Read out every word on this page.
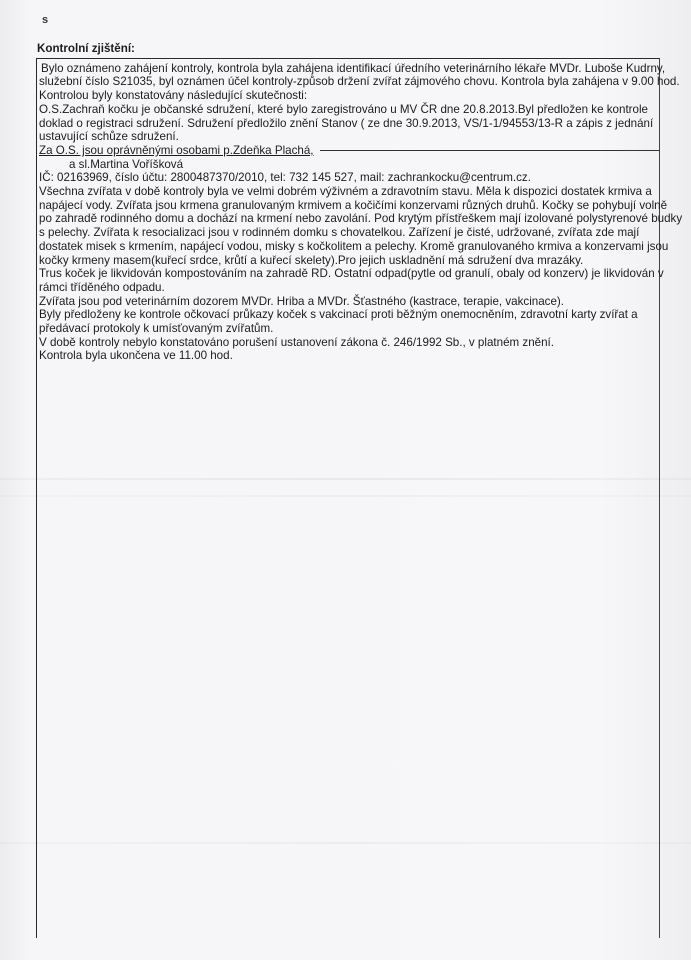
s
Kontrolní zjištění:
Bylo oznámeno zahájení kontroly, kontrola byla zahájena identifikací úředního veterinárního lékaře MVDr. Luboše Kudrny,
služební číslo S21035, byl oznámen účel kontroly-způsob držení zvířat zájmového chovu. Kontrola byla zahájena v 9.00 hod.
Kontrolou byly konstatovány následující skutečnosti:
O.S.Zachraň kočku je občanské sdružení, které bylo zaregistrováno u MV ČR dne 20.8.2013.Byl předložen ke kontrole
doklad o registraci sdružení. Sdružení předložilo znění Stanov ( ze dne 30.9.2013, VS/1-1/94553/13-R a zápis z jednání
ustavující schůze sdružení.
Za O.S. jsou oprávněnými osobami p.Zdeňka Plachá,
a sl.Martina Voříšková
IČ: 02163969, číslo účtu: 2800487370/2010, tel: 732 145 527, mail: zachrankocku@centrum.cz.
Všechna zvířata v době kontroly byla ve velmi dobrém výživném a zdravotním stavu. Měla k dispozici dostatek krmiva a
napájecí vody. Zvířata jsou krmena granulovaným krmivem a kočičími konzervami různých druhů. Kočky se pohybují volně
po zahradě rodinného domu a dochází na krmení nebo zavolání. Pod krytým přístřeškem mají izolované polystyrenové budky
s pelechy. Zvířata k resocializaci jsou v rodinném domku s chovatelkou. Zařízení je čisté, udržované, zvířata zde mají
dostatek misek s krmením, napájecí vodou, misky s kočkolitem a pelechy. Kromě granulovaného krmiva a konzervami jsou
kočky krmeny masem(kuřecí srdce, krůtí a kuřecí skelety).Pro jejich uskladnění má sdružení dva mrazáky.
Trus koček je likvidován kompostováním na zahradě RD. Ostatní odpad(pytle od granulí, obaly od konzerv) je likvidován v
rámci tříděného odpadu.
Zvířata jsou pod veterinárním dozorem MVDr. Hriba a MVDr. Šťastného (kastrace, terapie, vakcinace).
Byly předloženy ke kontrole očkovací průkazy koček s vakcinací proti běžným onemocněním, zdravotní karty zvířat a
předávací protokoly k umísťovaným zvířatům.
V době kontroly nebylo konstatováno porušení ustanovení zákona č. 246/1992 Sb., v platném znění.
Kontrola byla ukončena ve 11.00 hod.
